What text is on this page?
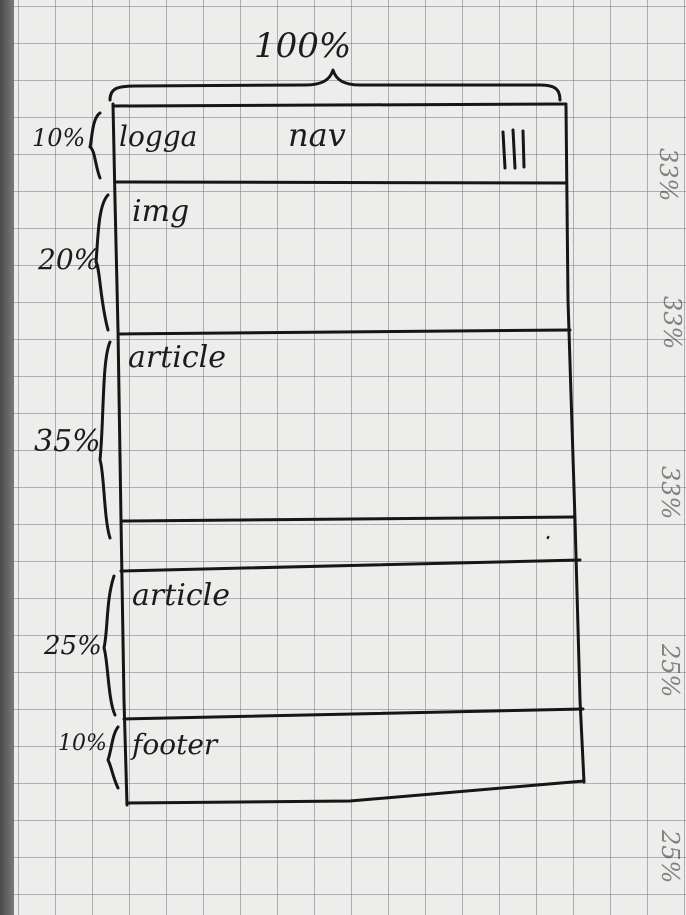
100%
10% logga	nav
20%
img
35%
article
25%
article
10% footer
33%
33%
33%
25%
25%
